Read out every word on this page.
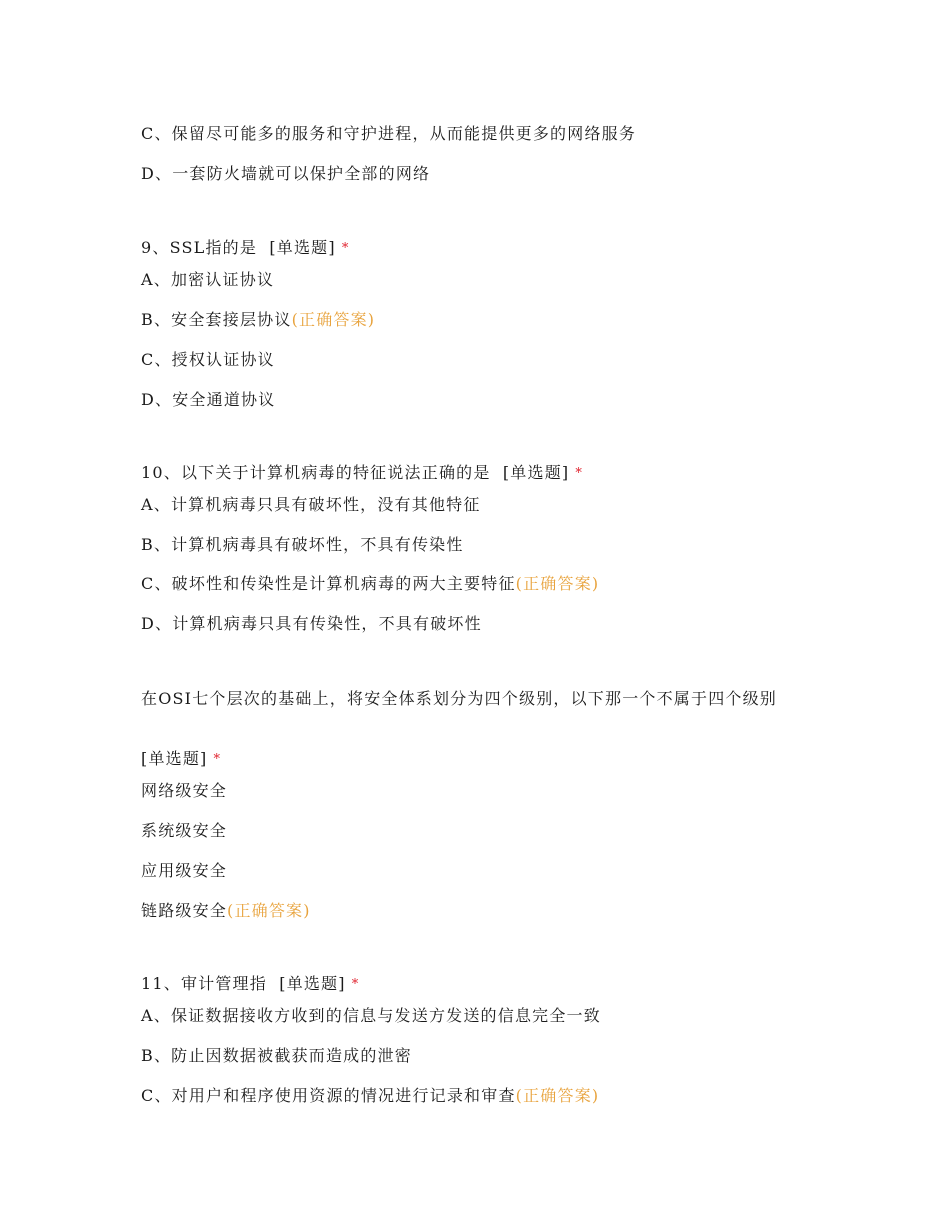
C、保留尽可能多的服务和守护进程，从而能提供更多的网络服务
D、一套防火墙就可以保护全部的网络
9、SSL指的是 [单选题] *
A、加密认证协议
B、安全套接层协议(正确答案)
C、授权认证协议
D、安全通道协议
10、以下关于计算机病毒的特征说法正确的是 [单选题] *
A、计算机病毒只具有破坏性，没有其他特征
B、计算机病毒具有破坏性，不具有传染性
C、破坏性和传染性是计算机病毒的两大主要特征(正确答案)
D、计算机病毒只具有传染性，不具有破坏性
在OSI七个层次的基础上，将安全体系划分为四个级别，以下那一个不属于四个级别
[单选题] *
网络级安全
系统级安全
应用级安全
链路级安全(正确答案)
11、审计管理指 [单选题] *
A、保证数据接收方收到的信息与发送方发送的信息完全一致
B、防止因数据被截获而造成的泄密
C、对用户和程序使用资源的情况进行记录和审查(正确答案)
